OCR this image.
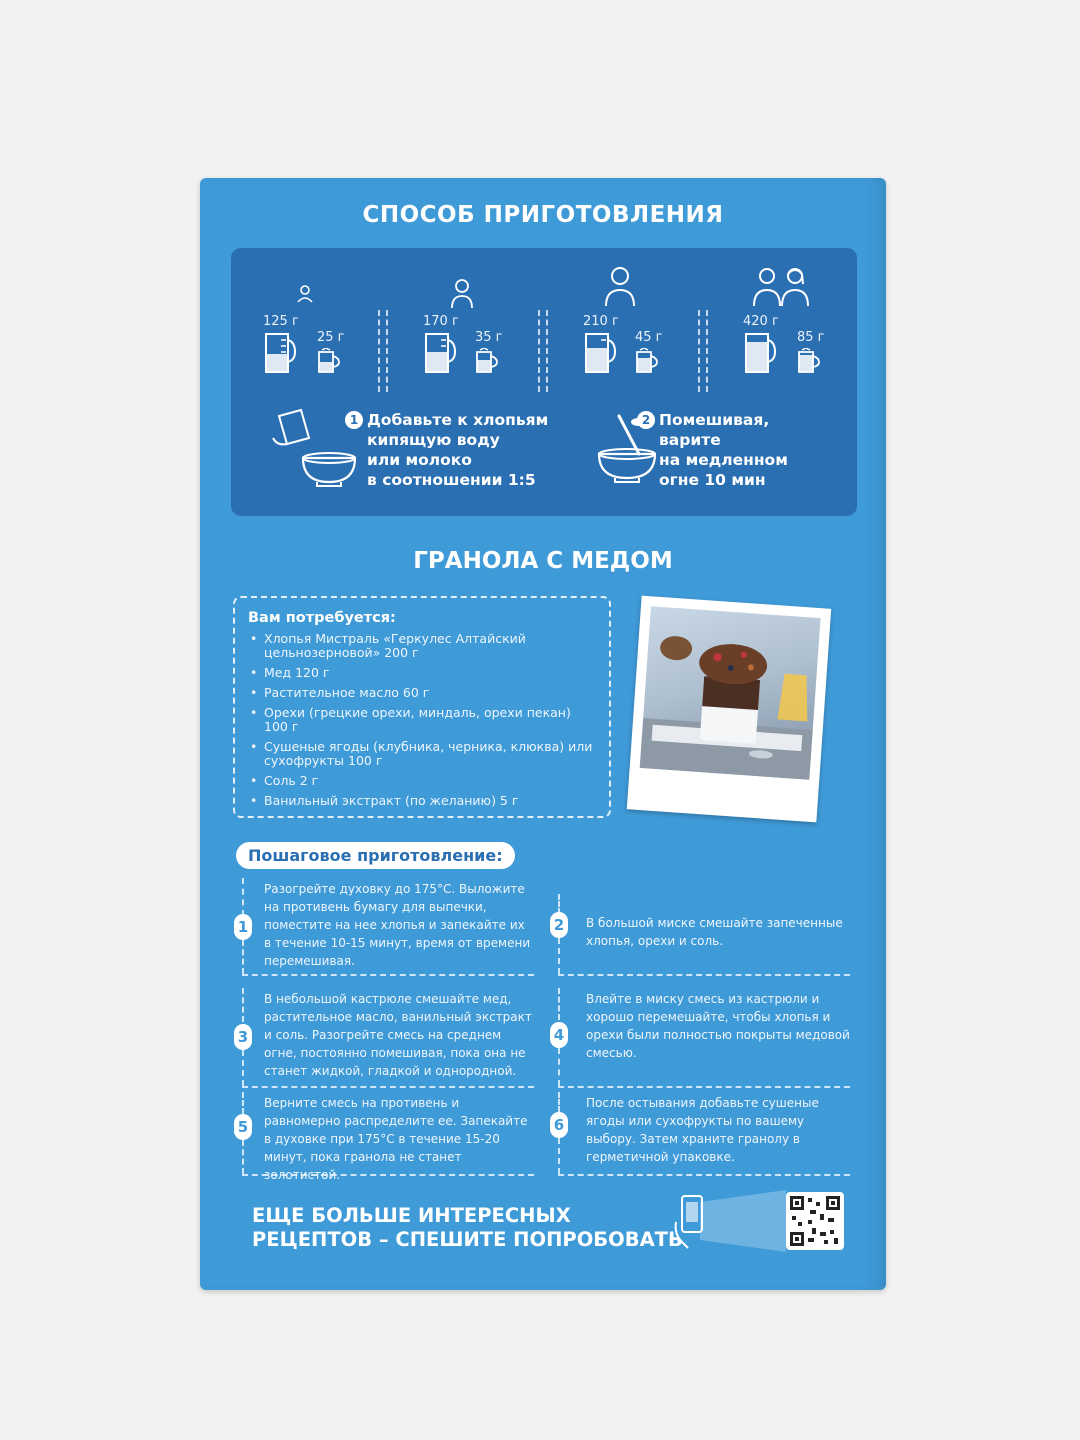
СПОСОБ ПРИГОТОВЛЕНИЯ
125 г
25 г
170 г
35 г
210 г
45 г
420 г
85 г
1 Добавьте к хлопьям
кипящую воду
или молоко
в соотношении 1:5
2 Помешивая,
варите
на медленном
огне 10 мин
ГРАНОЛА С МЕДОМ
Вам потребуется:
• Хлопья Мистраль «Геркулес Алтайский цельнозерновой» 200 г
• Мед 120 г
• Растительное масло 60 г
• Орехи (грецкие орехи, миндаль, орехи пекан) 100 г
• Сушеные ягоды (клубника, черника, клюква) или сухофрукты 100 г
• Соль 2 г
• Ванильный экстракт (по желанию) 5 г
Пошаговое приготовление:
1
Разогрейте духовку до 175°C. Выложите на противень бумагу для выпечки, поместите на нее хлопья и запекайте их в течение 10-15 минут, время от времени перемешивая.
2	В большой миске смешайте запеченные хлопья, орехи и соль.
3
В небольшой кастрюле смешайте мед, растительное масло, ванильный экстракт и соль. Разогрейте смесь на среднем огне, постоянно помешивая, пока она не станет жидкой, гладкой и однородной.
4
Влейте в миску смесь из кастрюли и хорошо перемешайте, чтобы хлопья и орехи были полностью покрыты медовой смесью.
5
Верните смесь на противень и равномерно распределите ее. Запекайте в духовке при 175°C в течение 15-20 минут, пока гранола не станет золотистой.
6
После остывания добавьте сушеные ягоды или сухофрукты по вашему выбору. Затем храните гранолу в герметичной упаковке.
ЕЩЕ БОЛЬШЕ ИНТЕРЕСНЫХ
РЕЦЕПТОВ – СПЕШИТЕ ПОПРОБОВАТЬ
